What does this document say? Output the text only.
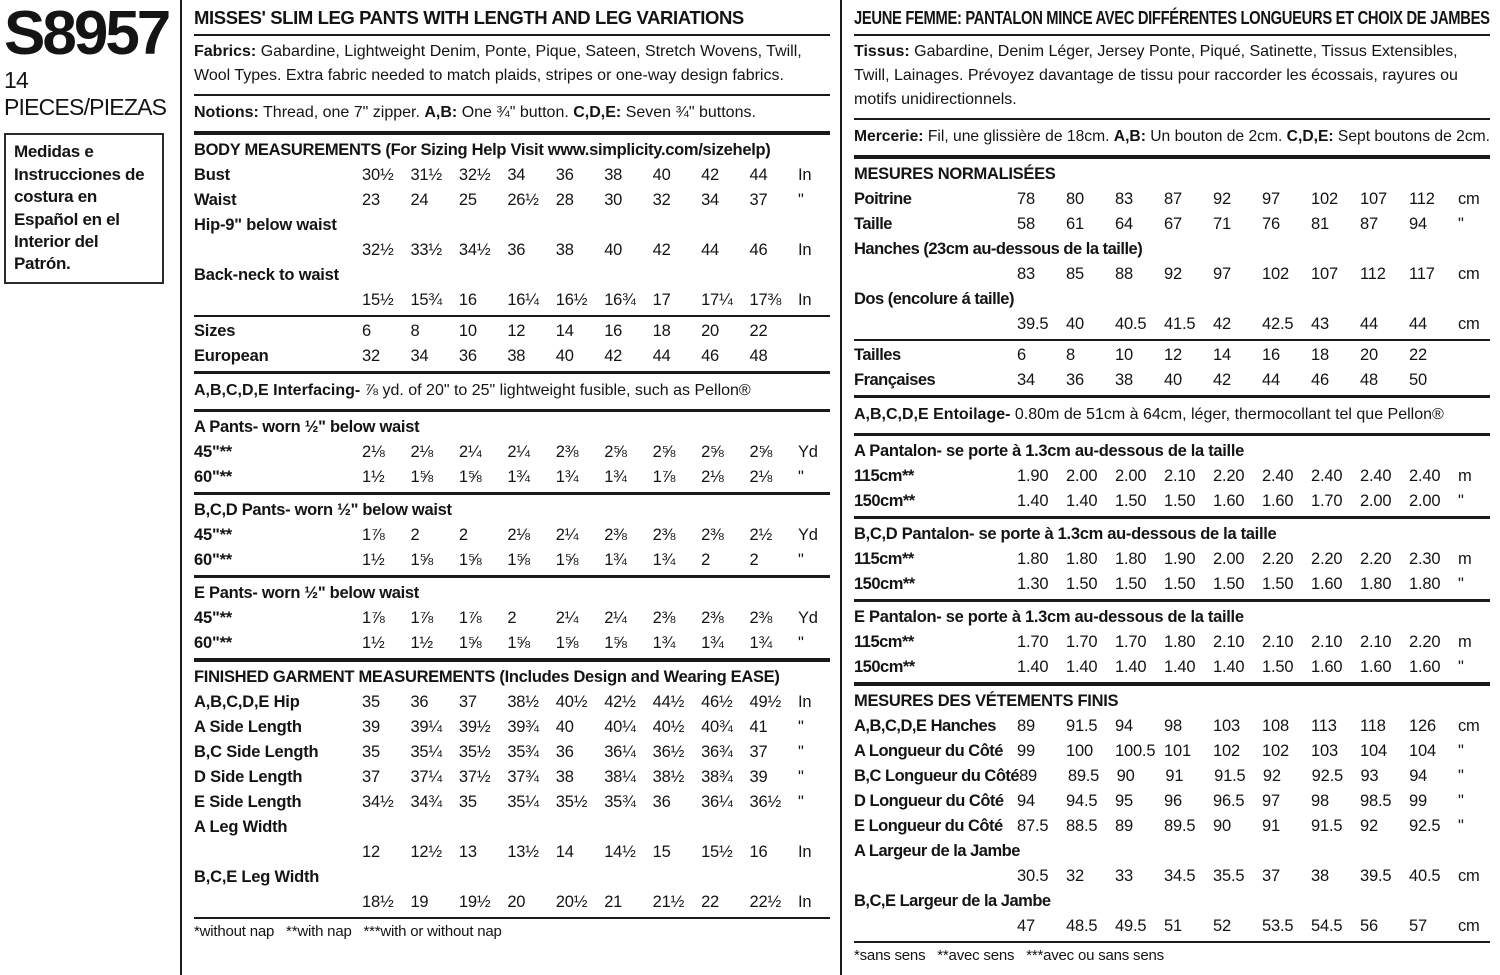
S8957
14 PIECES/PIEZAS
Medidas e Instrucciones de costura en Español en el Interior del Patrón.
MISSES' SLIM LEG PANTS WITH LENGTH AND LEG VARIATIONS
Fabrics: Gabardine, Lightweight Denim, Ponte, Pique, Sateen, Stretch Wovens, Twill, Wool Types. Extra fabric needed to match plaids, stripes or one-way design fabrics.
Notions: Thread, one 7" zipper. A,B: One ¾" button. C,D,E: Seven ¾" buttons.
BODY MEASUREMENTS (For Sizing Help Visit www.simplicity.com/sizehelp)
Bust	30½	31½	32½	34	36	38	40	42	44	In
Waist	23	24	25	26½	28	30	32	34	37	"
Hip-9" below waist
32½	33½	34½	36	38	40	42	44	46	In
Back-neck to waist
15½	15¾	16	16¼	16½	16¾	17	17¼	17⅜	In
Sizes	6	8	10	12	14	16	18	20	22
European	32	34	36	38	40	42	44	46	48
A,B,C,D,E Interfacing- ⅞ yd. of 20" to 25" lightweight fusible, such as Pellon®
A Pants- worn ½" below waist
45"**	2⅛	2⅛	2¼	2¼	2⅜	2⅝	2⅝	2⅝	2⅝	Yd
60"**	1½	1⅝	1⅝	1¾	1¾	1¾	1⅞	2⅛	2⅛	"
B,C,D Pants- worn ½" below waist
45"**	1⅞	2	2	2⅛	2¼	2⅜	2⅜	2⅜	2½	Yd
60"**	1½	1⅝	1⅝	1⅝	1⅝	1¾	1¾	2	2	"
E Pants- worn ½" below waist
45"**	1⅞	1⅞	1⅞	2	2¼	2¼	2⅜	2⅜	2⅜	Yd
60"**	1½	1½	1⅝	1⅝	1⅝	1⅝	1¾	1¾	1¾	"
FINISHED GARMENT MEASUREMENTS (Includes Design and Wearing EASE)
A,B,C,D,E Hip	35	36	37	38½	40½	42½	44½	46½	49½	In
A Side Length	39	39¼	39½	39¾	40	40¼	40½	40¾	41	"
B,C Side Length	35	35¼	35½	35¾	36	36¼	36½	36¾	37	"
D Side Length	37	37¼	37½	37¾	38	38¼	38½	38¾	39	"
E Side Length	34½	34¾	35	35¼	35½	35¾	36	36¼	36½	"
A Leg Width
12	12½	13	13½	14	14½	15	15½	16	In
B,C,E Leg Width
18½	19	19½	20	20½	21	21½	22	22½	In
*without nap   **with nap   ***with or without nap
JEUNE FEMME: PANTALON MINCE AVEC DIFFÉRENTES LONGUEURS ET CHOIX DE JAMBES
Tissus: Gabardine, Denim Léger, Jersey Ponte, Piqué, Satinette, Tissus Extensibles, Twill, Lainages. Prévoyez davantage de tissu pour raccorder les écossais, rayures ou motifs unidirectionnels.
Mercerie: Fil, une glissière de 18cm. A,B: Un bouton de 2cm. C,D,E: Sept boutons de 2cm.
MESURES NORMALISÉES
Poitrine	78	80	83	87	92	97	102	107	112	cm
Taille	58	61	64	67	71	76	81	87	94	"
Hanches (23cm au-dessous de la taille)
83	85	88	92	97	102	107	112	117	cm
Dos (encolure á taille)
39.5	40	40.5	41.5	42	42.5	43	44	44	cm
Tailles	6	8	10	12	14	16	18	20	22
Françaises	34	36	38	40	42	44	46	48	50
A,B,C,D,E Entoilage- 0.80m de 51cm à 64cm, léger, thermocollant tel que Pellon®
A Pantalon- se porte à 1.3cm au-dessous de la taille
115cm**	1.90	2.00	2.00	2.10	2.20	2.40	2.40	2.40	2.40	m
150cm**	1.40	1.40	1.50	1.50	1.60	1.60	1.70	2.00	2.00	"
B,C,D Pantalon- se porte à 1.3cm au-dessous de la taille
115cm**	1.80	1.80	1.80	1.90	2.00	2.20	2.20	2.20	2.30	m
150cm**	1.30	1.50	1.50	1.50	1.50	1.50	1.60	1.80	1.80	"
E Pantalon- se porte à 1.3cm au-dessous de la taille
115cm**	1.70	1.70	1.70	1.80	2.10	2.10	2.10	2.10	2.20	m
150cm**	1.40	1.40	1.40	1.40	1.40	1.50	1.60	1.60	1.60	"
MESURES DES VÉTEMENTS FINIS
A,B,C,D,E Hanches	89	91.5	94	98	103	108	113	118	126	cm
A Longueur du Côté 99	100	100.5 101	102	102	103	104	104	"
B,C Longueur du Côté 89	89.5	90	91	91.5	92	92.5	93	94	"
D Longueur du Côté 94	94.5	95	96	96.5	97	98	98.5	99	"
E Longueur du Côté 87.5	88.5	89	89.5	90	91	91.5	92	92.5	"
A Largeur de la Jambe
30.5	32	33	34.5	35.5	37	38	39.5	40.5	cm
B,C,E Largeur de la Jambe
47	48.5	49.5	51	52	53.5	54.5	56	57	cm
*sans sens   **avec sens   ***avec ou sans sens
